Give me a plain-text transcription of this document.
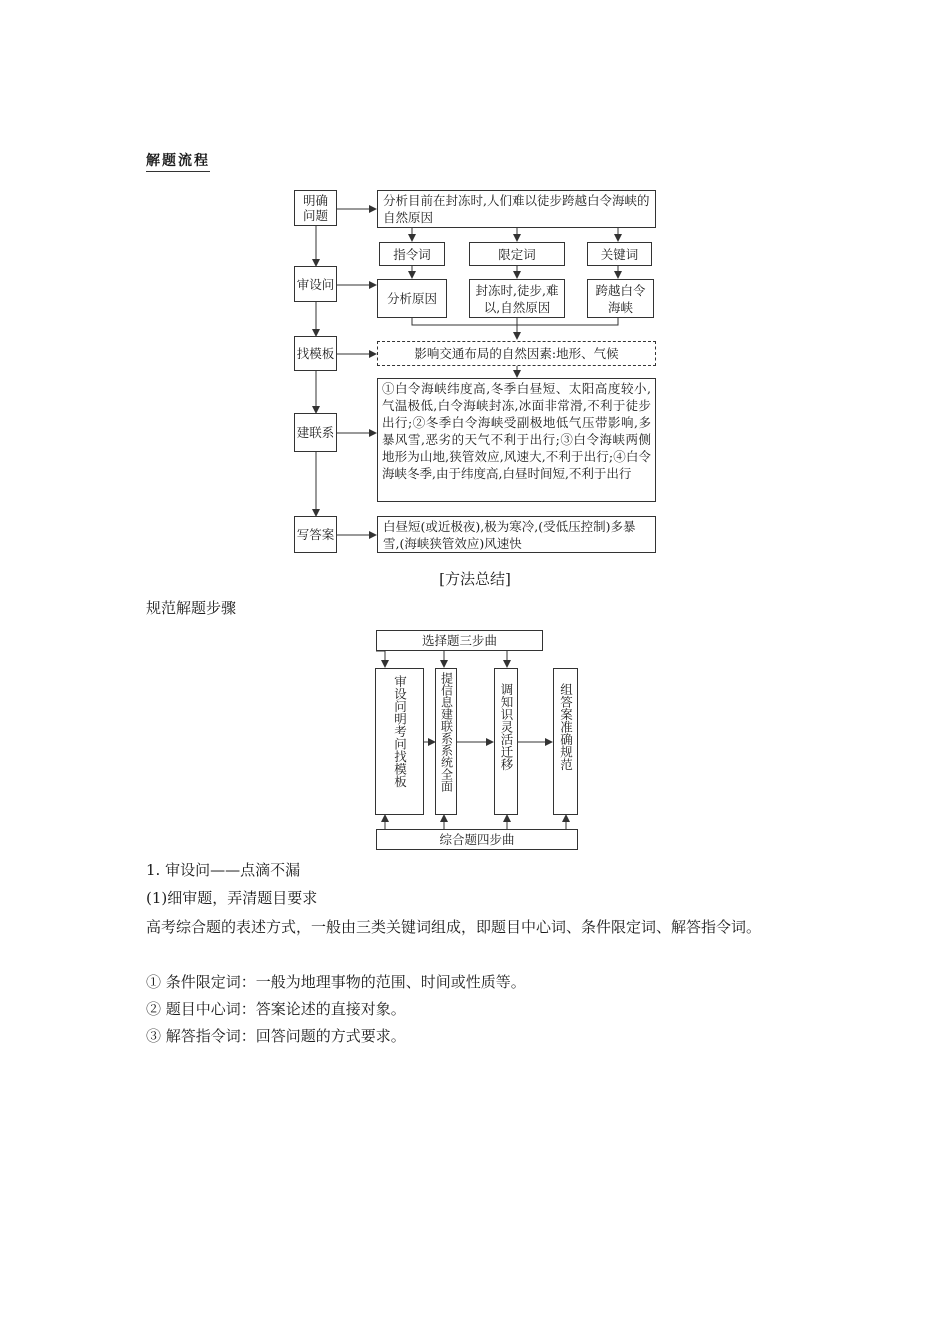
解题流程
明确问题
审设问
找模板
建联系
写答案
分析目前在封冻时,人们难以徒步跨越白令海峡的自然原因
指令词	限定词	关键词
分析原因
封冻时,徒步,难以,自然原因
跨越白令海峡
影响交通布局的自然因素:地形、气候
①白令海峡纬度高,冬季白昼短、太阳高度较小,气温极低,白令海峡封冻,冰面非常滑,不利于徒步出行;②冬季白令海峡受副极地低气压带影响,多暴风雪,恶劣的天气不利于出行;③白令海峡两侧地形为山地,狭管效应,风速大,不利于出行;④白令海峡冬季,由于纬度高,白昼时间短,不利于出行
白昼短(或近极夜),极为寒冷,(受低压控制)多暴雪,(海峡狭管效应)风速快
[方法总结]
规范解题步骤
选择题三步曲
综合题四步曲
审设问明考问找模板	提信息建联系系统全面	调知识灵活迁移	组答案准确规范
1. 审设问——点滴不漏
(1)细审题，弄清题目要求
高考综合题的表述方式，一般由三类关键词组成，即题目中心词、条件限定词、解答指令词。
① 条件限定词：一般为地理事物的范围、时间或性质等。
② 题目中心词：答案论述的直接对象。
③ 解答指令词：回答问题的方式要求。
